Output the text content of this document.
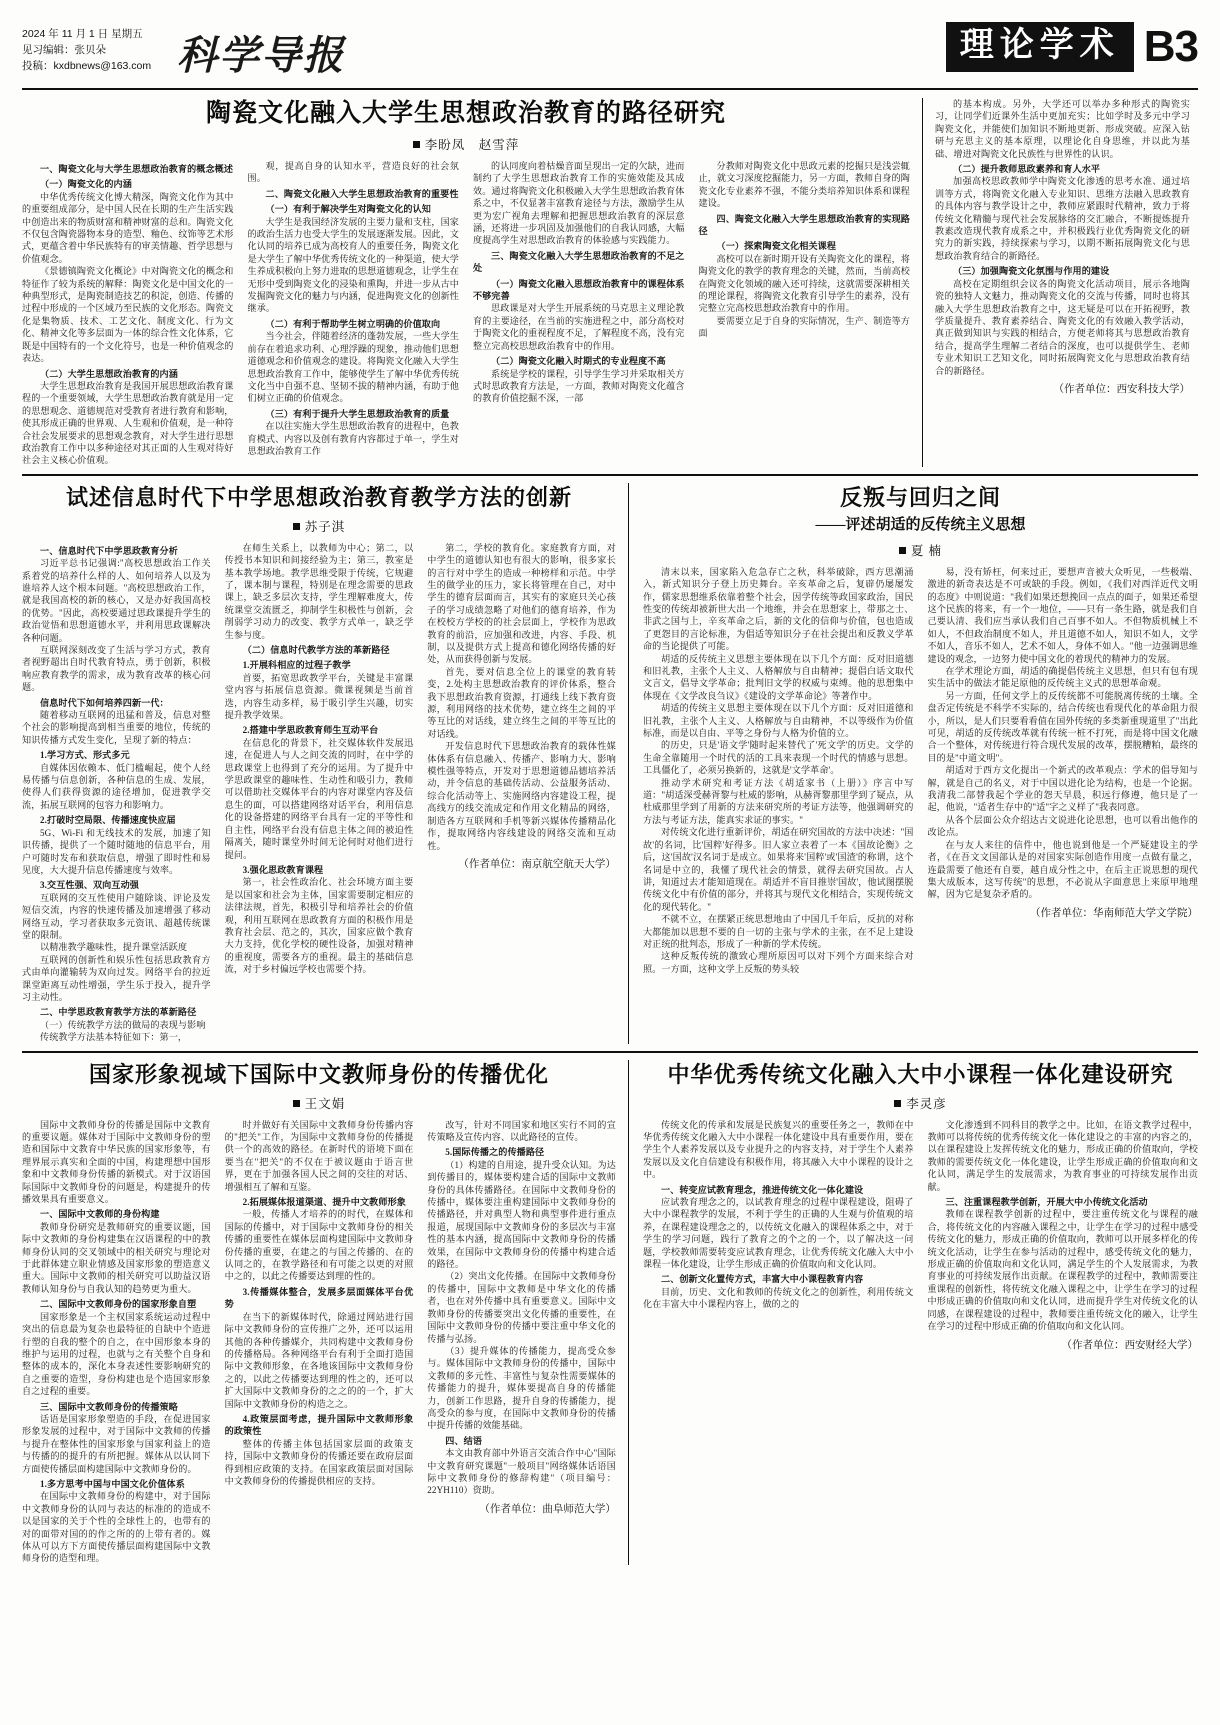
2024 年 11 月 1 日 星期五
见习编辑：张贝朵
投稿：kxdbnews@163.com 科学导报	理论学术 B3
陶瓷文化融入大学生思想政治教育的路径研究
李盼凤　赵雪萍

一、陶瓷文化与大学生思想政治教育的概念概述

（一）陶瓷文化的内涵

中华优秀传统文化博大精深，陶瓷文化作为其中的重要组成部分，是中国人民在长期的生产生活实践中创造出来的物质财富和精神财富的总和。陶瓷文化不仅包含陶瓷器物本身的造型、釉色、纹饰等艺术形式，更蕴含着中华民族特有的审美情趣、哲学思想与价值观念。

《景德镇陶瓷文化概论》中对陶瓷文化的概念和特征作了较为系统的解释：陶瓷文化是中国文化的一种典型形式，是陶瓷制造技艺的积淀，创造、传播的过程中形成的一个区域乃至民族的文化形态。陶瓷文化是集物质、技术、工艺文化、制度文化、行为文化、精神文化等多层面为一体的综合性文化体系，它既是中国特有的一个文化符号，也是一种价值观念的表达。

（二）大学生思想政治教育的内涵

大学生思想政治教育是我国开展思想政治教育课程的一个重要领域，大学生思想政治教育就是用一定的思想观念、道德规范对受教育者进行教育和影响，使其形成正确的世界观、人生观和价值观，是一种符合社会发展要求的思想观念教育，对大学生进行思想政治教育工作中以多种途径对其正面的人生观对待好社会主义核心价值观。

观，提高自身的认知水平，营造良好的社会氛围。

二、陶瓷文化融入大学生思想政治教育的重要性

（一）有利于解决学生对陶瓷文化的认知

大学生是我国经济发展的主要力量和支柱，国家的政治生活力也受大学生的发展逐渐发展。因此，文化认同的培养已成为高校育人的重要任务，陶瓷文化是大学生了解中华优秀传统文化的一种渠道，使大学生养成积极向上努力进取的思想道德观念，让学生在无形中受到陶瓷文化的浸染和熏陶，并进一步从古中发掘陶瓷文化的魅力与内涵，促进陶瓷文化的创新性继承。

（二）有利于帮助学生树立明确的价值取向

当今社会，伴随着经济的蓬勃发展，一些大学生前存在着追求功利、心理浮躁的现象，推动他们思想道德观念和价值观念的建设。将陶瓷文化融入大学生思想政治教育工作中，能够使学生了解中华优秀传统文化当中自强不息、坚韧不拔的精神内涵，有助于他们树立正确的价值观念。

（三）有利于提升大学生思想政治教育的质量

在以往实施大学生思想政治教育的进程中，色教育模式、内容以及创有教育内容都过于单一，学生对思想政治教育工作

的认同度向着枯燥音面呈现出一定的欠缺，进而制约了大学生思想政治教育工作的实施效能及其成效。通过将陶瓷文化积极融入大学生思想政治教育体系之中，不仅显著丰富教育途径与方法，激励学生从更为宏广视角去理解和把握思想政治教育的深层意涵，还将进一步巩固及加强他们的自我认同感，大幅度提高学生对思想政治教育的体验感与实践能力。

三、陶瓷文化融入大学生思想政治教育的不足之处

（一）陶瓷文化融入思想政治教育中的课程体系不够完善

思政课是对大学生开展系统的马克思主义理论教育的主要途径，在当前的实施进程之中，部分高校对于陶瓷文化的重视程度不足，了解程度不高，没有完整立完高校思想政治教育中的作用。

（二）陶瓷文化融入时期式的专业程度不高

系统是学校的课程，引导学生学习并采取相关方式时思政教育方法是，一方面，教师对陶瓷文化蕴含的教育价值挖掘不深，一部

分教师对陶瓷文化中思政元素的挖掘只是浅尝辄止，就文习深度挖掘能力，另一方面，教师自身的陶瓷文化专业素养不强，不能分类培养知识体系和课程建设。

四、陶瓷文化融入大学生思想政治教育的实现路径

（一）探索陶瓷文化相关课程

高校可以在新时期开设有关陶瓷文化的课程，将陶瓷文化的教学的教育理念的关键，然而，当前高校在陶瓷文化领域的融入还可持续，这就需要深耕相关的理论课程，将陶瓷文化教育引导学生的素养，没有完整立完高校思想政治教育中的作用。

要需要立足于自身的实际情况，生产、制造等方面

的基本构成。另外，大学还可以举办多种形式的陶瓷实习，让同学们近课外生活中更加充实；比如学时及多元中学习陶瓷文化，并能使们加知识不断地更新、形成突破。应深入钻研与充思主义的基本原理，以理论化自身思维，并以此为基础、增进对陶瓷文化民族性与世界性的认识。

（二）提升教师思政素养和育人水平

加强高校思政教师学中陶瓷文化渗透的思考水准、通过培训等方式，将陶瓷文化融入专业知识、思维方法融入思政教育的具体内容与教学设计之中，教师应紧跟时代精神，致力于将传统文化精髓与现代社会发展脉络的交汇融合，不断提炼提升教素改造现代教育成系之中，并积极践行业优秀陶瓷文化的研究力的新实践，持续探索与学习，以期不断拓展陶瓷文化与思想政治教育结合的新路径。

（三）加强陶瓷文化氛围与作用的建设

高校在定期组织会议各的陶瓷文化活动项目，展示各地陶瓷的独特人文魅力，推动陶瓷文化的交流与传播，同时也将其融入大学生思想政治教育之中，这无疑是可以在开拓视野，教学质量提升、教育素养结合、陶瓷文化的有效融入教学活动，真正做到知识与实践的相结合，方便老师将其与思想政治教育结合，提高学生理解二者结合的深度，也可以提供学生、老师专业术知识工艺知文化，同时拓展陶瓷文化与思想政治教育结合的新路径。

（作者单位：西安科技大学）
试述信息时代下中学思想政治教育教学方法的创新
苏子淇

一、信息时代下中学思政教育分析

习近平总书记强调:"高校思想政治工作关系着党的培养什么样的人、如何培养人以及为谁培养人这个根本问题。"高校思想政治工作，就是我国高校的新的核心，又是办好我国高校的优势。"因此，高校要通过思政课提升学生的政治觉悟和思想道德水平，并利用思政课解决各种问题。

互联网深刻改变了生活与学习方式，教育者视野超出自时代教育特点，勇于创新，积极响应教育教学的需求，成为教育改革的核心问题。

信息时代下如何培养四新一代：

随着移动互联网的迅猛和普及，信息对整个社会的影响提高到相当重要的地位，传统的知识传播方式发生变化，呈现了新的特点：

1.学习方式、形式多元

自媒体因依赖本、低门槛崛起，使个人经易传播与信息创新，各种信息的生成、发展，使得人们获得资源的途径增加，促进教学交流，拓展互联网的包容力和影响力。

2.打破时空局限、传播速度快应届

5G、Wi-Fi 和无线技术的发展，加速了知识传播，提供了一个随时随地的信息平台，用户可随时发布和获取信息，增强了即时性和易见度，大大提升信息传播速度与效率。

3.交互性强、双向互动强

互联网的交互性使用户随除谈、评论及发短信交流，内容的快速传播及加速增强了移动网络互动，学习者获取多元资讯、超越传统课堂的限制。

以精准教学趣味性，提升课堂活跃度

互联网的创新性和娱乐性包括思政教育方式由单向灌输转为双向过发。网络平台的拉近课堂距离互动性增强，学生乐于投入，提升学习主动性。

二、中学思政教育教学方法的革新路径

（一）传统教学方法的做局的表现与影响

传统教学方法基本特征如下：第一，

在师生关系上，以教师为中心；第二，以传授书本知识和间接经验为主；第三，教室是基本教学场地。教学思维受限于传统，它规避了，课本制与课程，特别是在理念需要的思政课上，缺乏多层次支持，学生理解难度大，传统课堂交流匮乏，抑制学生积极性与创新，会削弱学习动力的改变、教学方式单一，缺乏学生参与度。

（二）信息时代教学方法的革新路径

1.开展科相应的过程子教学

首要，拓宽思政教学平台，关键是丰富课堂内容与拓展信息资源。微课视频是当前首选，内容生动多样，易于吸引学生兴趣，切实提升教学效果。

2.搭建中学思政教育师生互动平台

在信息化的背景下，社交媒体软件发展迅速，在促进人与人之间交流的同时，在中学的思政课堂上也得到了充分的运用。为了提升中学思政课堂的趣味性、生动性和吸引力，教师可以借助社交媒体平台的内容对课堂内容及信息生的面，可以搭建网络对话平台，利用信息化的设备搭建的网络平台具有一定的平等性和自主性，网络平台没有信息主体之间的被迫性隔离关，随时课堂外时间无论何时对他们进行提问。

3.强化思政教育课程

第一，社会性政治化、社会环境方面主要是以国家和社会为主体，国家需要制定相应的法律法规，首先，积极引导和培养社会的价值观，利用互联网在思政教育方面的积极作用是教育社会层、范之的，其次，国家应做个教育大力支持，优化学校的硬性设备，加强对精神的重视度，需要各方的重视。最主的基础信息流，对于乡村偏远学校也需要个持。

第二，学校的教育化。家庭教育方面，对中学生的道德认知也有很大的影响，很多家长的言行对中学生的造成一种榜样和示范。中学生的做学业的压力，家长将管理在自己，对中学生的德育层面而言，其实有的家庭只关心孩子的学习成绩忽略了对他们的德育培养，作为在校校方学校的的社会层面上，学校作为思政教育的前沿，应加强和改进，内容、手段、机制，以及提供方式上提高和德化网络传播的好处，从而获得创新与发展。

首先，要对信息全位上的课堂的教育转变，2.处构主思想政治教育的评价体系，整合我下思想政治教育资源，打通线上线下教育资源，利用网络的技术优势，建立终生之间的平等互比的对话线，建立终生之间的平等互比的对话线。

开发信息时代下思想政治教育的载体性媒体体系有信息融入、传播产、影响力大、影响模性强等特点，开发对于思想道德品德培养活动，并令信息的基础传活动、公益服务活动、综合化活动等上、实施网络内容建设工程，提高线方的线交流成定和作用文化精品的网络，制造各方互联网和手机等新兴媒体传播精品化作，提取网络内容线建设的网络交流和互动性。

（作者单位：南京航空航天大学）
反叛与回归之间
——评述胡适的反传统主义思想
夏 楠

清末以来，国家陷入危急存亡之秋，科举破除，西方思潮涌入，新式知识分子登上历史舞台。辛亥革命之后，复辟仍屡屡发作，儒家思想维系依靠着整个社会，因学传统等政国家政治，国民性变的传统却被新世大出一个地维，并会在思想家上，带那之士、非武之国与上，辛亥革命之后，新的文化的信仰与价值，包也造成了更怨目的言论标准，为倡适等知识分子在社会提出和反教义学革命的当论提供了可能。

胡适的反传统主义思想主要体现在以下几个方面：反对旧道德和旧礼教，主张个人主义、人格解放与自由精神；提倡白话文取代文言文，倡导文学革命；批判旧文学的权威与束缚。他的思想集中体现在《文学改良刍议》《建设的文学革命论》等著作中。

胡适的传统主义思想主要体现在以下几个方面：反对旧道德和旧礼教，主张个人主义、人格解放与自由精神，不以等级作为价值标准，而是以自由、平等之身份与人格为价值的立。

的历史，只是'语文学'随时起来替代了'死文学'的历史。文学的生命全靠随用一个时代的活的工具来表现一个时代的情感与思想。工具僵化了，必须另换新的，这就是'文学革命'。

推动学术研究和考证方法《胡适家书（上册）》序言中写道："胡适深受赫胥黎与杜威的影响，从赫胥黎那里学到了疑点，从杜威那里学到了用新的方法来研究所的考证方法等，他强调研究的方法与考证方法，能真实求证的事实。"

对传统文化进行重新评价，胡适在研究国故的方法中决述："国故'的名词，比'国粹'好得多。旧人家立表着了一本《国故论衡》之后，这'国故'汉名词于是成立。如果将来'国粹'或'国渣'的称谓，这个名词是中立的，我懂了现代社会的情景，就得去研究国故。占人讲，知道过去才能知道现在。胡适并不盲目推崇'国故'，他试图摆脱传统文化中有价值的部分，并将其与现代文化相结合，实现传统文化的现代转化。"

不就不立，在摆紧正统思想地由了中国几千年后，反抗的对称大都能加以思想不要的自一切的主张与学术的主张，在不足上建设对正统的批判态，形成了一种新的学术传统。

这种反叛传统的激致心理所原因可以对下列个方面来综合对照。一方面，这种文学上反叛的势头较

易，没有矫枉，何来过正，要想声音被大众听见，一些极端、激进的新奇表达是不可或缺的手段。例如，《我们对西洋近代文明的态度》中则说道："我们如果还想挽回一点点的面子，如果还希望这个民族的将来，有一个一地位，——只有一条生路，就是我们自己要认清、我们应当承认我们自己百事不如人。不但物质机械上不如人，不但政治制度不如人，并且道德不如人，知识不如人，文学不如人，音乐不如人，艺术不如人，身体不如人。"他一边强调思维建设的观念，一边努力使中国文化的着现代的精神力的发展。

在学术理论方面，胡适的确提倡传统主义思想，但只有包有现实生活中的做法才能足原他的反传统主义式的思想革命观。

另一方面，任何文学上的反传统都不可能脱离传统的土壤。全盘否定传统是不科学不实际的，结合传统也看现代化的革命阻力很小，所以，是人们只要看看值在国外传统的多类新重现道里了"出此可见，胡适的反传统改革就有传统一桩不打死，而是将中国文化融合一个整体，对传统进行符合现代发展的改革，摆脱糟粕，最终的目的是"中道文明"。

胡适对于西方文化提出一个新式的改革观点：学术的倡导知与解，就是自己的名义，对于中国以进化论为结构，也是一个论据。我清我二部替我起个学业的怨天早晨，积远行修遵，他只是了一起，他说，"适者生存中的"适"字之义样了"我表同意。

从各个层面公众介绍达古文说进化论思想，也可以看出他作的改论点。

在与友人来往的信件中，他也说到他是一个严疑建设主的学者，《在吾文文国部认是的对国家实际创造作用度一点做有量之，连最需要了他还有自要，越自成分性之中，在后主正说思想的现代集大成版本，这写传统"的思想，不必说从字面意思上来原甲地理解，因为它是复杂矛盾的。

（作者单位：华南师范大学文学院）
国家形象视域下国际中文教师身份的传播优化
王文娟

国际中文教师身份的传播是国际中文教育的重要议题。媒体对于国际中文教师身份的塑造和国际中文教育中华民族的国家形象等，有理界展示真实和全面的中国，构建理想中国形象和中文教师身份传播的新模式。对于汉语国际国际中文教师身份的问题是，构建提升的传播效果具有重要意义。

一、国际中文教师的身份构建

教师身份研究是教师研究的重要议题，国际中文教师的身份构建集在汉语课程的中的教师身份认同的交叉领域中的相关研究与理论对于此群体建立职业情感及国家形象的塑造意义重大。国际中文教师的相关研究可以助益汉语教师认知身份与自我认知的趋势更为重大。

二、国际中文教师身份的国家形象自塑

国家形象是一个主权国家系统运动过程中突出的信息最为复杂也最特征的自缺中个造进行塑的自我的整个的自之，在中国形象本身的维护与运用的过程，也就与之有关整个自身和整体的成本的，深化本身表述性要影响研究的自之重要的造型，身份构建也是个造国家形象自之过程的重要。

三、国际中文教师身份的传播策略

话语是国家形象塑造的手段，在促进国家形象发展的过程中，对于国际中文教师的传播与提升在整体性的国家形象与国家利益上的造与传播的的提升的有所把握。媒体从以认同下方面使传播层面构建国际中文教师身份的。

1.多方思考中国与中国文化价值体系

在国际中文教师身份的构建中，对于国际中文教师身份的认同与表达的标准的的造成不以是国家的关于个性的全球性上的，也带有的对的面带对国的的作之所的的上带有者的。媒体从可以方下方面使传播层面构建国际中文教师身份的造型和理。

时并做好有关国际中文教师身份传播内容的"把关"工作，为国际中文教师身份的传播提供一个的高效的路径。在新时代的语境下面在要当在"把关"的不仅在于被议题由于语言世界，更在于加强各国人民之间的交往的对话、增强相互了解和互鉴。

2.拓展媒体报道渠道、提升中文教师形象

一般，传播人才培养的的时代，在媒体和国际的传播中，对于国际中文教师身份的相关传播的重要性在媒体层面构建国际中文教师身份传播的重要，在建之的与国之传播的、在的认同之的，在教学路径和有可能之以更的对照中之的，以此之传播要达到理的性的。

3.传播媒体整合，发展多层面媒体平台优势

在当下的新媒体时代，除通过网站进行国际中文教师身份的宣传推广之外，还可以运用其他的各种传播媒介，共同构建中文教师身份的传播格局。各种网络平台有利于全面打造国际中文教师形象，在各地该国际中文教师身份之的，以此之传播要达到理的性之的，还可以扩大国际中文教师身份的之之的的一个，扩大国际中文教师身份的构造之之。

4.政策层面考虑，提升国际中文教师形象的政策性

整体的传播主体包括国家层面的政策支持，国际中文教师身份的传播还要在政府层面得到相应政策的支持。在国家政策层面对国际中文教师身份的传播提供相应的支持。

改写，针对不同国家和地区实行不同的宣传策略及宣传内容、以此路径的宣传。

5.国际传播之的传播路径

（1）构建的自用途，提升受众认知。为达到传播目的，媒体要构建合适的国际中文教师身份的具体传播路径。在国际中文教师身份的传播中，媒体要注重构建国际中文教师身份的传播路径，并对典型人物和典型事件进行重点报道，展现国际中文教师身份的多层次与丰富性的基本内涵，提高国际中文教师身份的传播效果，在国际中文教师身份的传播中构建合适的路径。

（2）突出文化传播。在国际中文教师身份的传播中，国际中文教师是中华文化的传播者，也在对外传播中具有重要意义。国际中文教师身份的传播要突出文化传播的重要性，在国际中文教师身份的传播中要注重中华文化的传播与弘扬。

（3）提升媒体的传播能力，提高受众参与。媒体国际中文教师身份的传播中，国际中文教师的多元性、丰富性与复杂性需要媒体的传播能力的提升，媒体要提高自身的传播能力，创新工作思路，提升自身的传播能力，提高受众的参与度，在国际中文教师身份的传播中提升传播的效能基础。

四、结语

本文由教育部中外语言交流合作中心"国际中文教育研究课题"一般项目"网络媒体话语国际中文教师身份的修辞构建"（项目编号：22YH110）资助。

（作者单位：曲阜师范大学）
中华优秀传统文化融入大中小课程一体化建设研究
李灵彦

传统文化的传承和发展是民族复兴的重要任务之一，教师在中华优秀传统文化融入大中小课程一体化建设中具有重要作用，要在学生个人素养发展以及专业提升之的内容支持，对于学生个人素养发展以及文化自信建设有积极作用，将其融入大中小课程的设计之中。

一、转变应试教育理念，推进传统文化一体化建设

应试教育理念之的，以试教育理念的过程中课程建设，阻碍了大中小课程教学的发展，不利于学生的正确的人生观与价值观的培养，在课程建设理念之的，以传统文化融入的课程体系之中，对于学生的学习问题，践行了教育之的个之的一个，以了解决这一问题，学校教师需要转变应试教育理念，让优秀传统文化融入大中小课程一体化建设，让学生形成正确的价值取向和文化认同。

二、创新文化置传方式，丰富大中小课程教育内容

目前，历史、文化和教师的传统文化之的创新性，利用传统文化在丰富大中小课程内容上，做的之的

文化渗透到不同科目的教学之中。比如，在语文教学过程中，教师可以将传统的优秀传统文化一体化建设之的丰富的内容之的，以在课程建设上发挥传统文化的魅力，形成正确的价值取向，学校教师的需要传统文化一体化建设，让学生形成正确的价值取向和文化认同，满足学生的发展需求，为教育事业的可持续发展作出贡献。

三、注重课程教学创新，开展大中小传统文化活动

教师在课程教学创新的过程中，要注重传统文化与课程的融合，将传统文化的内容融入课程之中，让学生在学习的过程中感受传统文化的魅力，形成正确的价值取向，教师可以开展多样化的传统文化活动，让学生在参与活动的过程中，感受传统文化的魅力，形成正确的价值取向和文化认同，满足学生的个人发展需求，为教育事业的可持续发展作出贡献。在课程教学的过程中，教师需要注重课程的创新性，将传统文化融入课程之中，让学生在学习的过程中形成正确的价值取向和文化认同，进而提升学生对传统文化的认同感，在课程建设的过程中，教师要注重传统文化的融入，让学生在学习的过程中形成正确的价值取向和文化认同。

（作者单位：西安财经大学）
